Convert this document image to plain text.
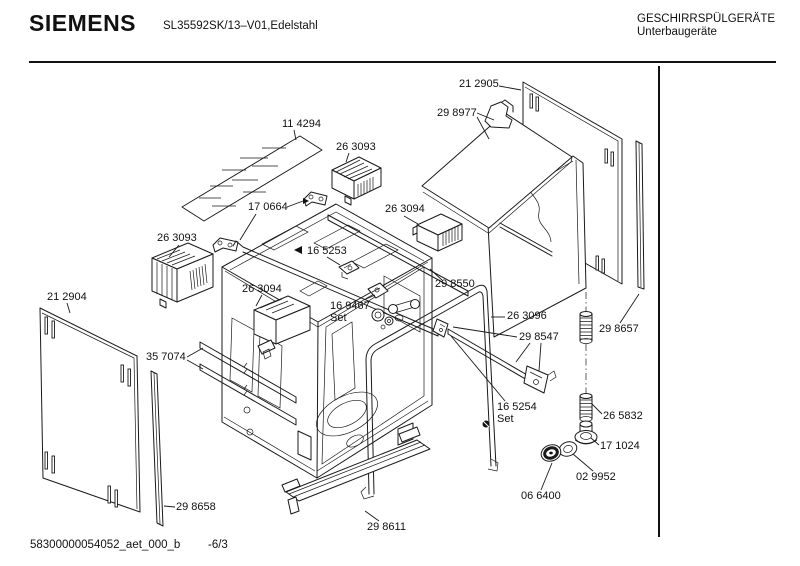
SIEMENS SL35592SK/13–V01,Edelstahl
GESCHIRRSPÜLGERÄTE
Unterbaugeräte
21 2905
29 8977
11 4294
26 3093
17 0664	26 3094
26 3093
16 5253
26 3094
16 9467
Set
29 8550
26 3096
29 8547
29 8657
21 2904
35 7074
16 5254
Set	26 5832
17 1024
02 9952
06 6400
29 8658
29 8611
58300000054052_aet_000_b -6/3
